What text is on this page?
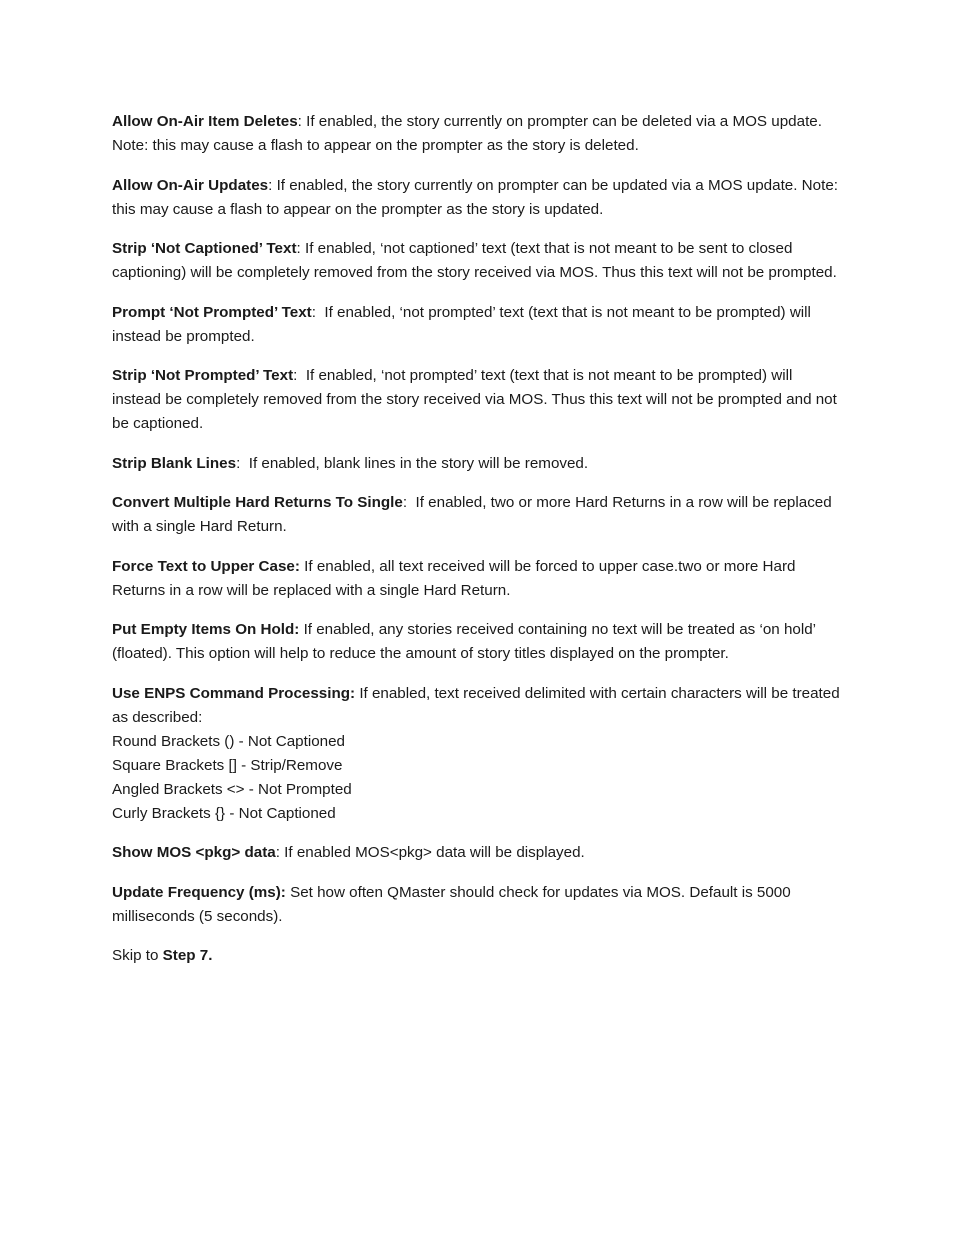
Allow On-Air Item Deletes: If enabled, the story currently on prompter can be deleted via a MOS update. Note: this may cause a flash to appear on the prompter as the story is deleted.

Allow On-Air Updates: If enabled, the story currently on prompter can be updated via a MOS update. Note: this may cause a flash to appear on the prompter as the story is updated.

Strip ‘Not Captioned’ Text: If enabled, ‘not captioned’ text (text that is not meant to be sent to closed captioning) will be completely removed from the story received via MOS. Thus this text will not be prompted.

Prompt ‘Not Prompted’ Text:  If enabled, ‘not prompted’ text (text that is not meant to be prompted) will instead be prompted.

Strip ‘Not Prompted’ Text:  If enabled, ‘not prompted’ text (text that is not meant to be prompted) will instead be completely removed from the story received via MOS. Thus this text will not be prompted and not be captioned.

Strip Blank Lines:  If enabled, blank lines in the story will be removed.

Convert Multiple Hard Returns To Single:  If enabled, two or more Hard Returns in a row will be replaced with a single Hard Return.

Force Text to Upper Case: If enabled, all text received will be forced to upper case.two or more Hard Returns in a row will be replaced with a single Hard Return.

Put Empty Items On Hold: If enabled, any stories received containing no text will be treated as ‘on hold’ (floated). This option will help to reduce the amount of story titles displayed on the prompter.

Use ENPS Command Processing: If enabled, text received delimited with certain characters will be treated as described:
Round Brackets () - Not Captioned
Square Brackets [] - Strip/Remove
Angled Brackets <> - Not Prompted
Curly Brackets {} - Not Captioned

Show MOS <pkg> data: If enabled MOS<pkg> data will be displayed.

Update Frequency (ms): Set how often QMaster should check for updates via MOS. Default is 5000 milliseconds (5 seconds).

Skip to Step 7.
